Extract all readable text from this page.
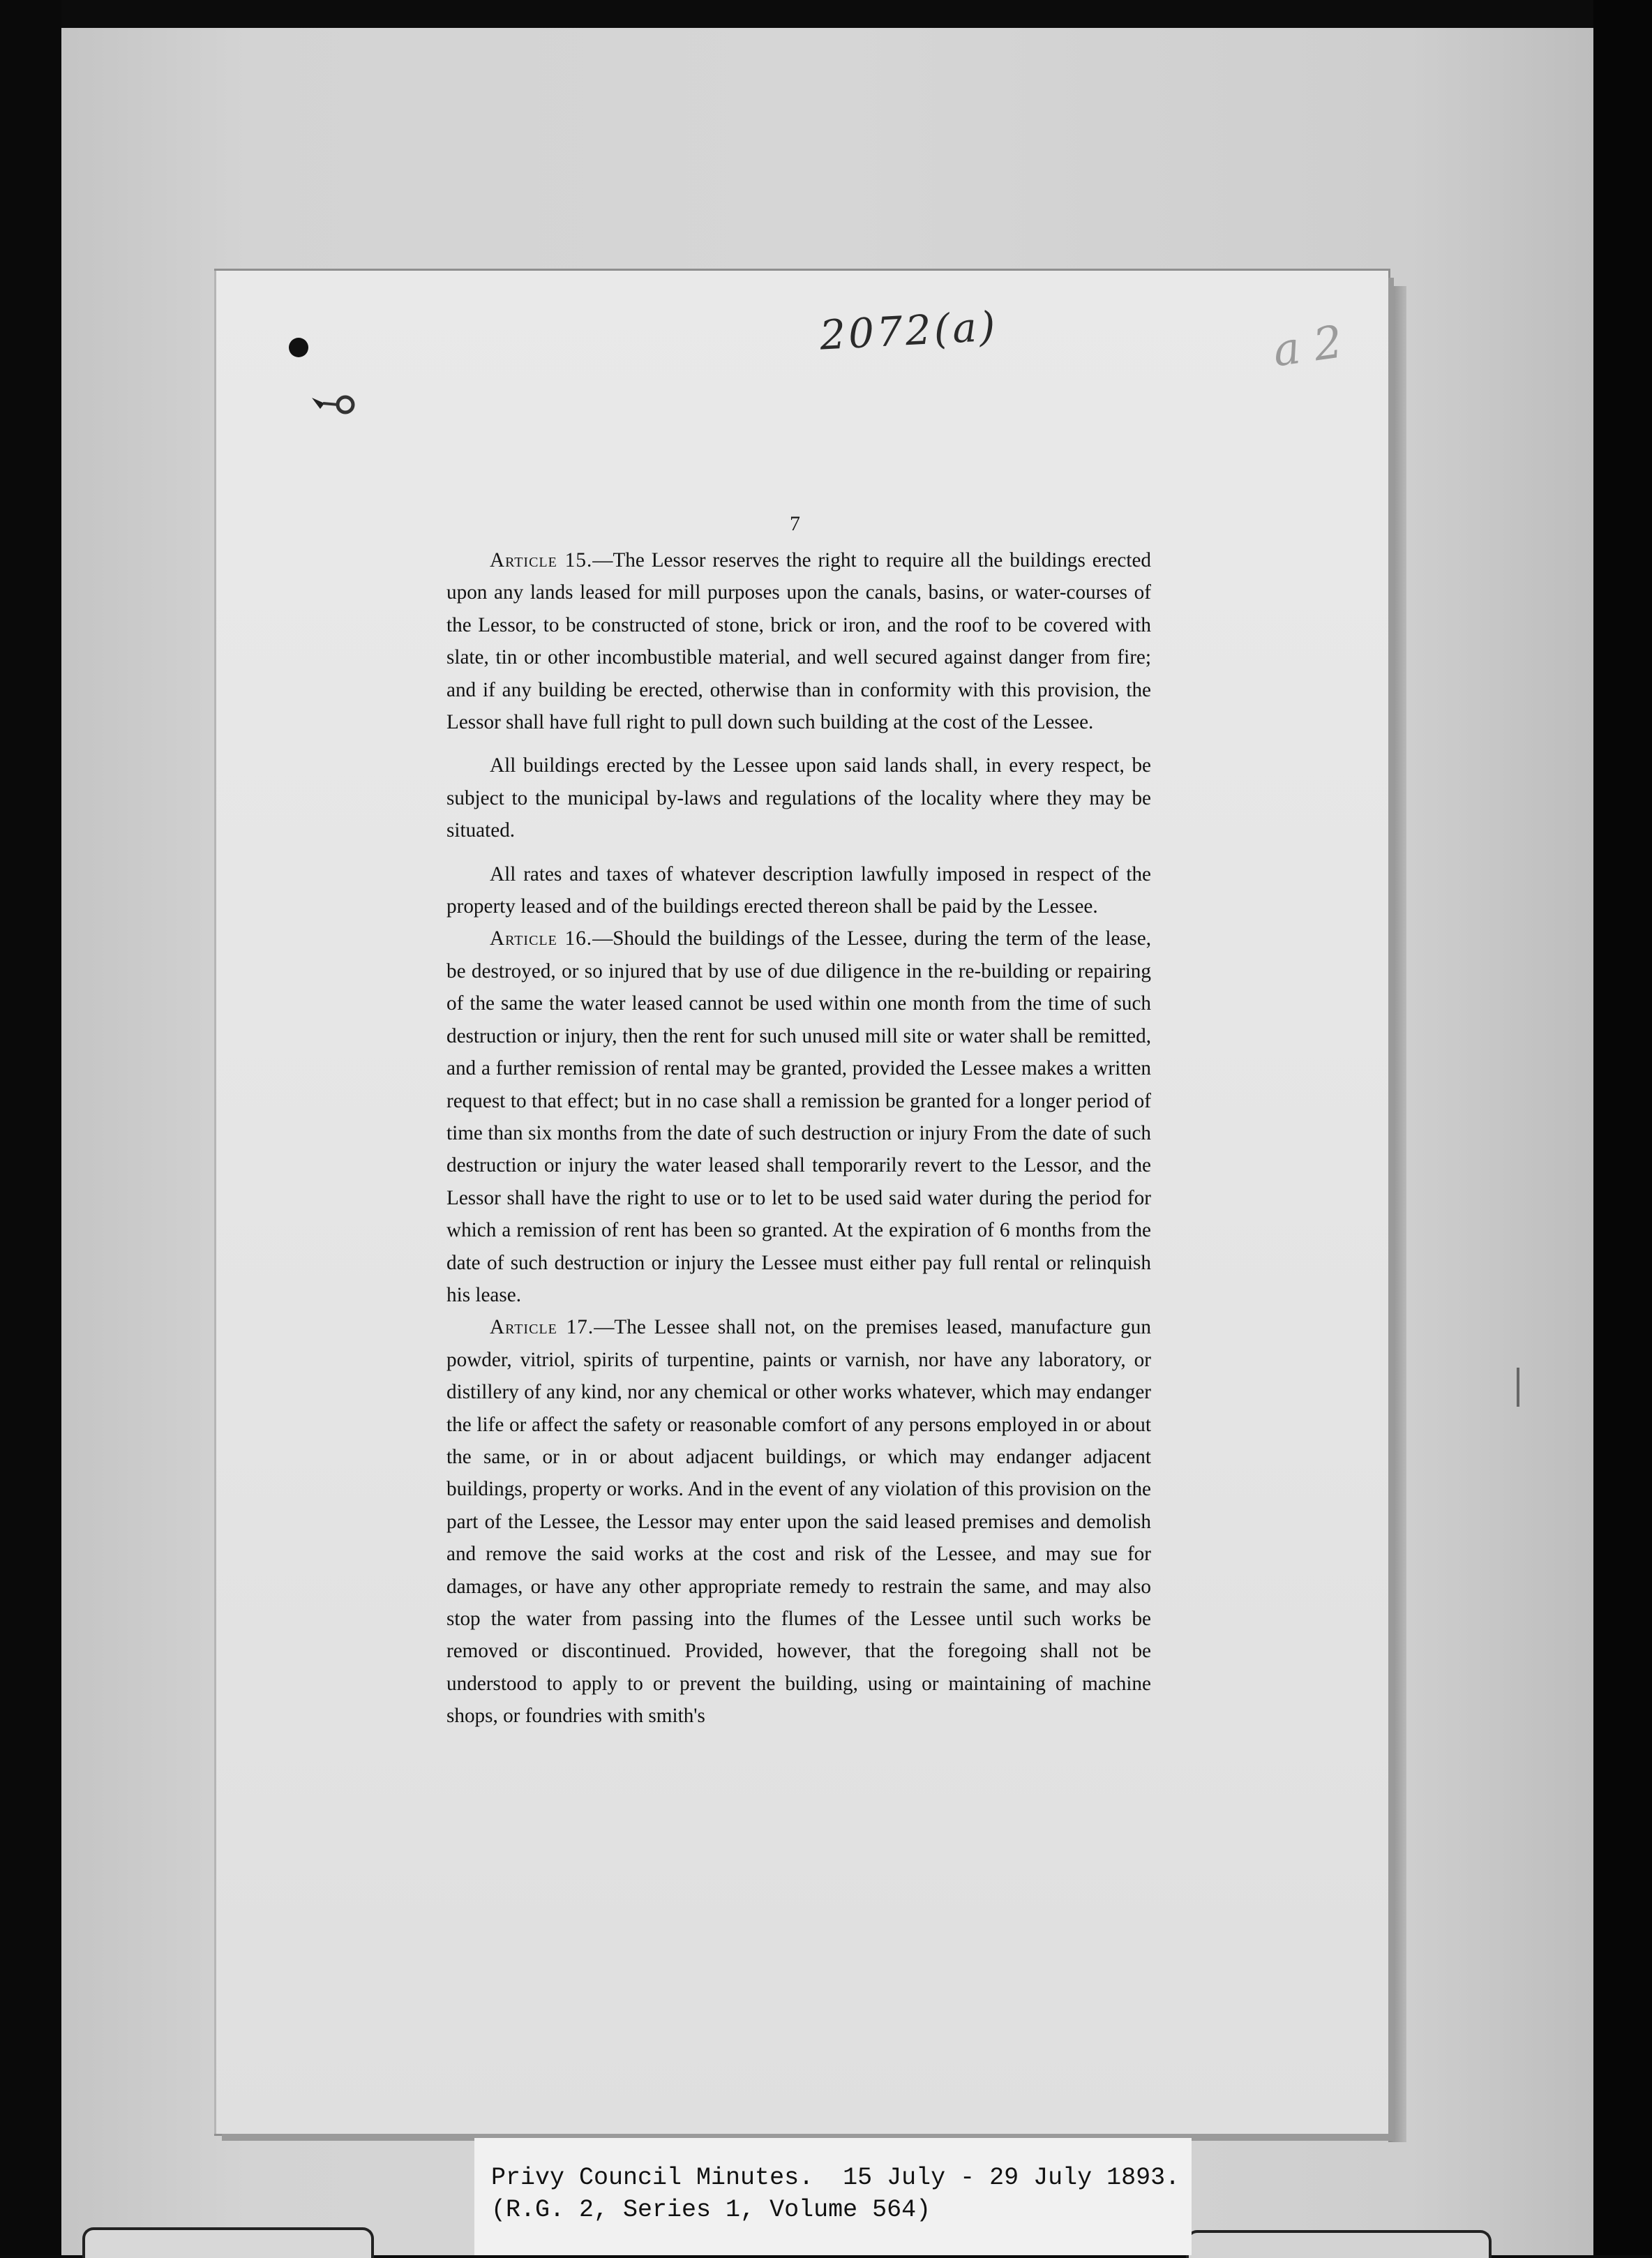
2072(a)	a 2
7

Article 15.—The Lessor reserves the right to require all the buildings erected upon any lands leased for mill purposes upon the canals, basins, or water-courses of the Lessor, to be constructed of stone, brick or iron, and the roof to be covered with slate, tin or other incombustible material, and well secured against danger from fire; and if any building be erected, otherwise than in conformity with this provision, the Lessor shall have full right to pull down such building at the cost of the Lessee.

All buildings erected by the Lessee upon said lands shall, in every respect, be subject to the municipal by-laws and regulations of the locality where they may be situated.

All rates and taxes of whatever description lawfully imposed in respect of the property leased and of the buildings erected thereon shall be paid by the Lessee.

Article 16.—Should the buildings of the Lessee, during the term of the lease, be destroyed, or so injured that by use of due diligence in the re-building or repairing of the same the water leased cannot be used within one month from the time of such destruction or injury, then the rent for such unused mill site or water shall be remitted, and a further remission of rental may be granted, provided the Lessee makes a written request to that effect; but in no case shall a remission be granted for a longer period of time than six months from the date of such destruction or injury From the date of such destruction or injury the water leased shall temporarily revert to the Lessor, and the Lessor shall have the right to use or to let to be used said water during the period for which a remission of rent has been so granted. At the expiration of 6 months from the date of such destruction or injury the Lessee must either pay full rental or relinquish his lease.

Article 17.—The Lessee shall not, on the premises leased, manufacture gun powder, vitriol, spirits of turpentine, paints or varnish, nor have any laboratory, or distillery of any kind, nor any chemical or other works whatever, which may endanger the life or affect the safety or reasonable comfort of any persons employed in or about the same, or in or about adjacent buildings, or which may endanger adjacent buildings, property or works. And in the event of any violation of this provision on the part of the Lessee, the Lessor may enter upon the said leased premises and demolish and remove the said works at the cost and risk of the Lessee, and may sue for damages, or have any other appropriate remedy to restrain the same, and may also stop the water from passing into the flumes of the Lessee until such works be removed or discontinued. Provided, however, that the foregoing shall not be understood to apply to or prevent the building, using or maintaining of machine shops, or foundries with smith's

Privy Council Minutes.  15 July - 29 July 1893.
(R.G. 2, Series 1, Volume 564)
